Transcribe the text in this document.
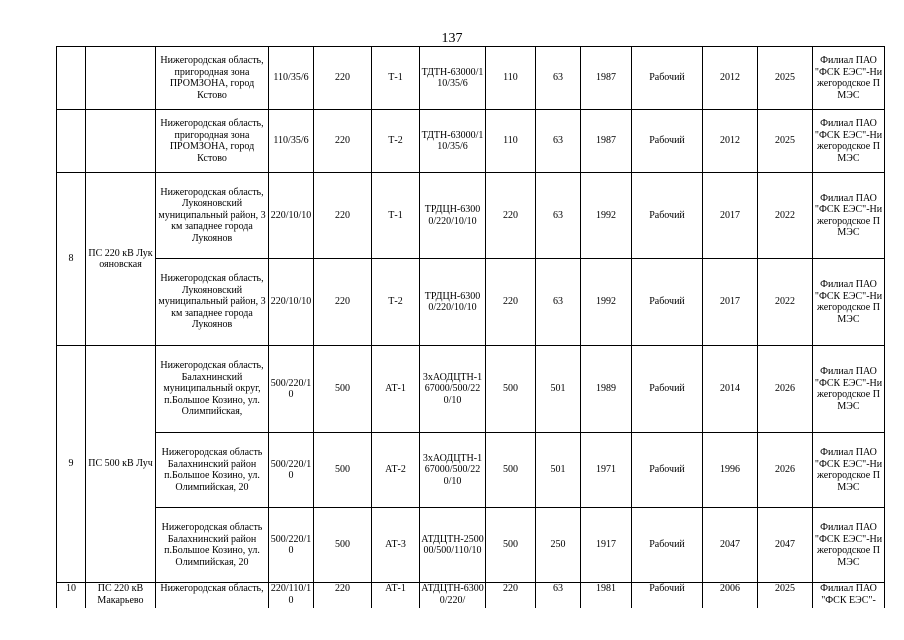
137
		Нижегородская область, пригородная зона ПРОМЗОНА, город Кстово	110/35/6	220	Т-1	ТДТН-63000/110/35/6	110	63	1987	Рабочий	2012	2025	Филиал ПАО "ФСК ЕЭС"-Нижегородское ПМЭС
		Нижегородская область, пригородная зона ПРОМЗОНА, город Кстово	110/35/6	220	Т-2	ТДТН-63000/110/35/6	110	63	1987	Рабочий	2012	2025	Филиал ПАО "ФСК ЕЭС"-Нижегородское ПМЭС
8	ПС 220 кВ Лукояновская	Нижегородская область, Лукояновский муниципальный район, 3 км западнее города Лукоянов	220/10/10	220	Т-1	ТРДЦН-63000/220/10/10	220	63	1992	Рабочий	2017	2022	Филиал ПАО "ФСК ЕЭС"-Нижегородское ПМЭС
		Нижегородская область, Лукояновский муниципальный район, 3 км западнее города Лукоянов	220/10/10	220	Т-2	ТРДЦН-63000/220/10/10	220	63	1992	Рабочий	2017	2022	Филиал ПАО "ФСК ЕЭС"-Нижегородское ПМЭС
9	ПС 500 кВ Луч	Нижегородская область, Балахнинский муниципальный округ, п.Большое Козино, ул. Олимпийская,	500/220/10	500	АТ-1	3хАОДЦТН-167000/500/220/10	500	501	1989	Рабочий	2014	2026	Филиал ПАО "ФСК ЕЭС"-Нижегородское ПМЭС
		Нижегородская область Балахнинский район п.Большое Козино, ул. Олимпийская, 20	500/220/10	500	АТ-2	3хАОДЦТН-167000/500/220/10	500	501	1971	Рабочий	1996	2026	Филиал ПАО "ФСК ЕЭС"-Нижегородское ПМЭС
		Нижегородская область Балахнинский район п.Большое Козино, ул. Олимпийская, 20	500/220/10	500	АТ-3	АТДЦТН-250000/500/110/10	500	250	1917	Рабочий	2047	2047	Филиал ПАО "ФСК ЕЭС"-Нижегородское ПМЭС
10	ПС 220 кВ Макарьево	Нижегородская область,	220/110/10	220	АТ-1	АТДЦТН-63000/220/	220	63	1981	Рабочий	2006	2025	Филиал ПАО "ФСК ЕЭС"-
